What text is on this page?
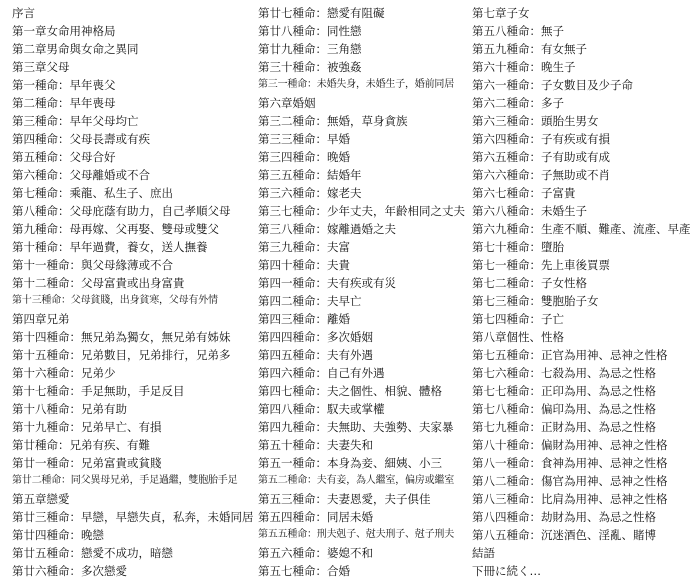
序言
第一章女命用神格局
第二章男命與女命之異同
第三章父母
第一種命：早年喪父
第二種命：早年喪母
第三種命：早年父母均亡
第四種命：父母長壽或有疾
第五種命：父母合好
第六種命：父母離婚或不合
第七種命：乘龍、私生子、庶出
第八種命：父母庇蔭有助力，自己孝順父母
第九種命：母再嫁、父再娶、雙母或雙父
第十種命：早年過費，養女，送人撫養
第十一種命：與父母緣薄或不合
第十二種命：父母富貴或出身富貴
第十三種命：父母貧賤，出身貧寒，父母有外情
第四章兄弟
第十四種命：無兄弟為獨女，無兄弟有姊妹
第十五種命：兄弟數目，兄弟排行，兄弟多
第十六種命：兄弟少
第十七種命：手足無助，手足反目
第十八種命：兄弟有助
第十九種命：兄弟早亡、有損
第廿種命：兄弟有疾、有難
第廿一種命：兄弟富貴或貧賤
第廿二種命：同父異母兄弟，手足過繼，雙胞胎手足
第五章戀愛
第廿三種命：早戀，早戀失貞，私奔，未婚同居
第廿四種命：晚戀
第廿五種命：戀愛不成功，暗戀
第廿六種命：多次戀愛
第廿七種命：戀愛有阻礙
第廿八種命：同性戀
第廿九種命：三角戀
第三十種命：被強姦
第三一種命：未婚失身，未婚生子，婚前同居
第六章婚姻
第三二種命：無婚，草身貪族
第三三種命：早婚
第三四種命：晚婚
第三五種命：結婚年
第三六種命：嫁老夫
第三七種命：少年丈夫，年齡相同之丈夫
第三八種命：嫁離過婚之夫
第三九種命：夫富
第四十種命：夫貴
第四一種命：夫有疾或有災
第四二種命：夫早亡
第四三種命：離婚
第四四種命：多次婚姻
第四五種命：夫有外遇
第四六種命：自己有外遇
第四七種命：夫之個性、相貌、體格
第四八種命：馭夫或掌權
第四九種命：夫無助、夫強勢、夫家暴
第五十種命：夫妻失和
第五一種命：本身為妾、細姨、小三
第五二種命：夫有妾，為人繼室，偏房或繼室
第五三種命：夫妻恩愛，夫子俱佳
第五四種命：同居未婚
第五五種命：刑夫剋子、尅夫刑子、尅子刑夫
第五六種命：婆媳不和
第五七種命：合婚
第七章子女
第五八種命：無子
第五九種命：有女無子
第六十種命：晚生子
第六一種命：子女數目及少子命
第六二種命：多子
第六三種命：頭胎生男女
第六四種命：子有疾或有損
第六五種命：子有助或有成
第六六種命：子無助或不肖
第六七種命：子富貴
第六八種命：未婚生子
第六九種命：生產不順、難產、流產、早產
第七十種命：墮胎
第七一種命：先上車後買票
第七二種命：子女性格
第七三種命：雙胞胎子女
第七四種命：子亡
第八章個性、性格
第七五種命：正官為用神、忌神之性格
第七六種命：七殺為用、為忌之性格
第七七種命：正印為用、為忌之性格
第七八種命：偏印為用、為忌之性格
第七九種命：正財為用、為忌之性格
第八十種命：偏財為用神、忌神之性格
第八一種命：食神為用神、忌神之性格
第八二種命：傷官為用神、忌神之性格
第八三種命：比肩為用神、忌神之性格
第八四種命：劫財為用、為忌之性格
第八五種命：沉迷酒色、淫亂、賭博
結語
下冊に続く…
